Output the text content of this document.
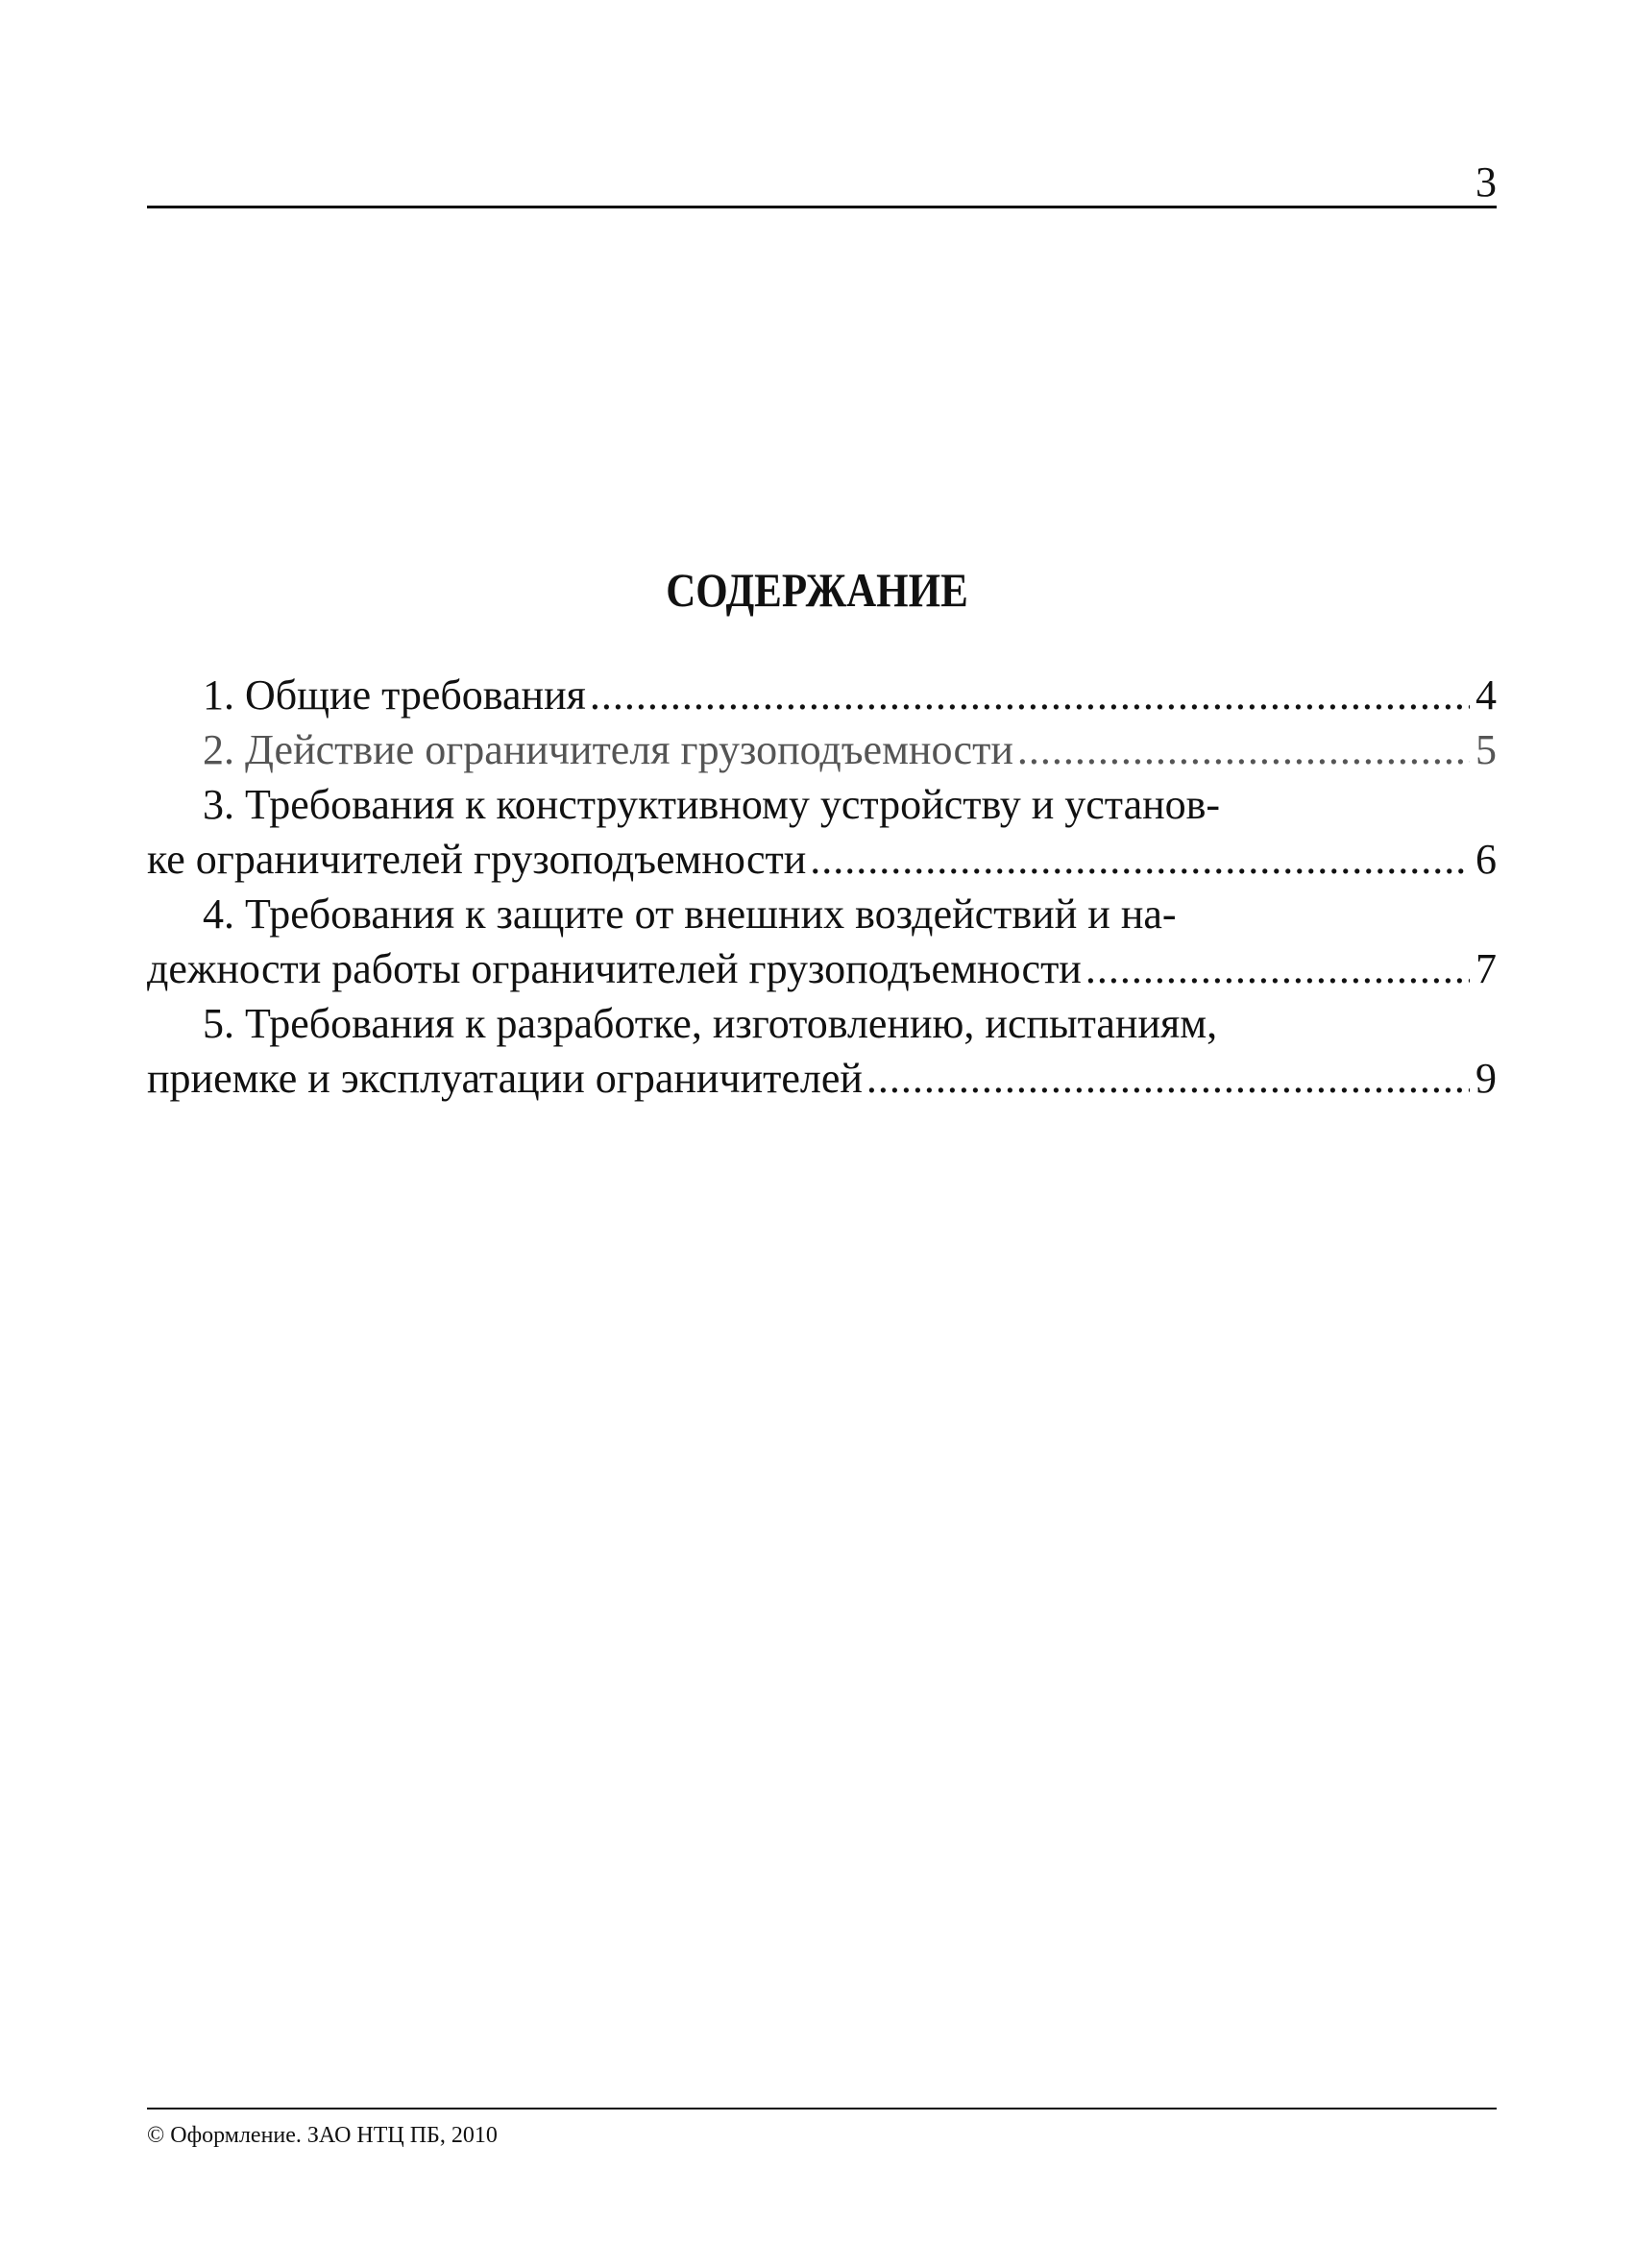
3
СОДЕРЖАНИЕ
1. Общие требования .....	4
2. Действие ограничителя грузоподъемности .....	5
3. Требования к конструктивному устройству и установ-
ке ограничителей грузоподъемности .....	6
4. Требования к защите от внешних воздействий и на-
дежности работы ограничителей грузоподъемности .....	7
5. Требования к разработке, изготовлению, испытаниям,
приемке и эксплуатации ограничителей .....	9
© Оформление. ЗАО НТЦ ПБ, 2010
